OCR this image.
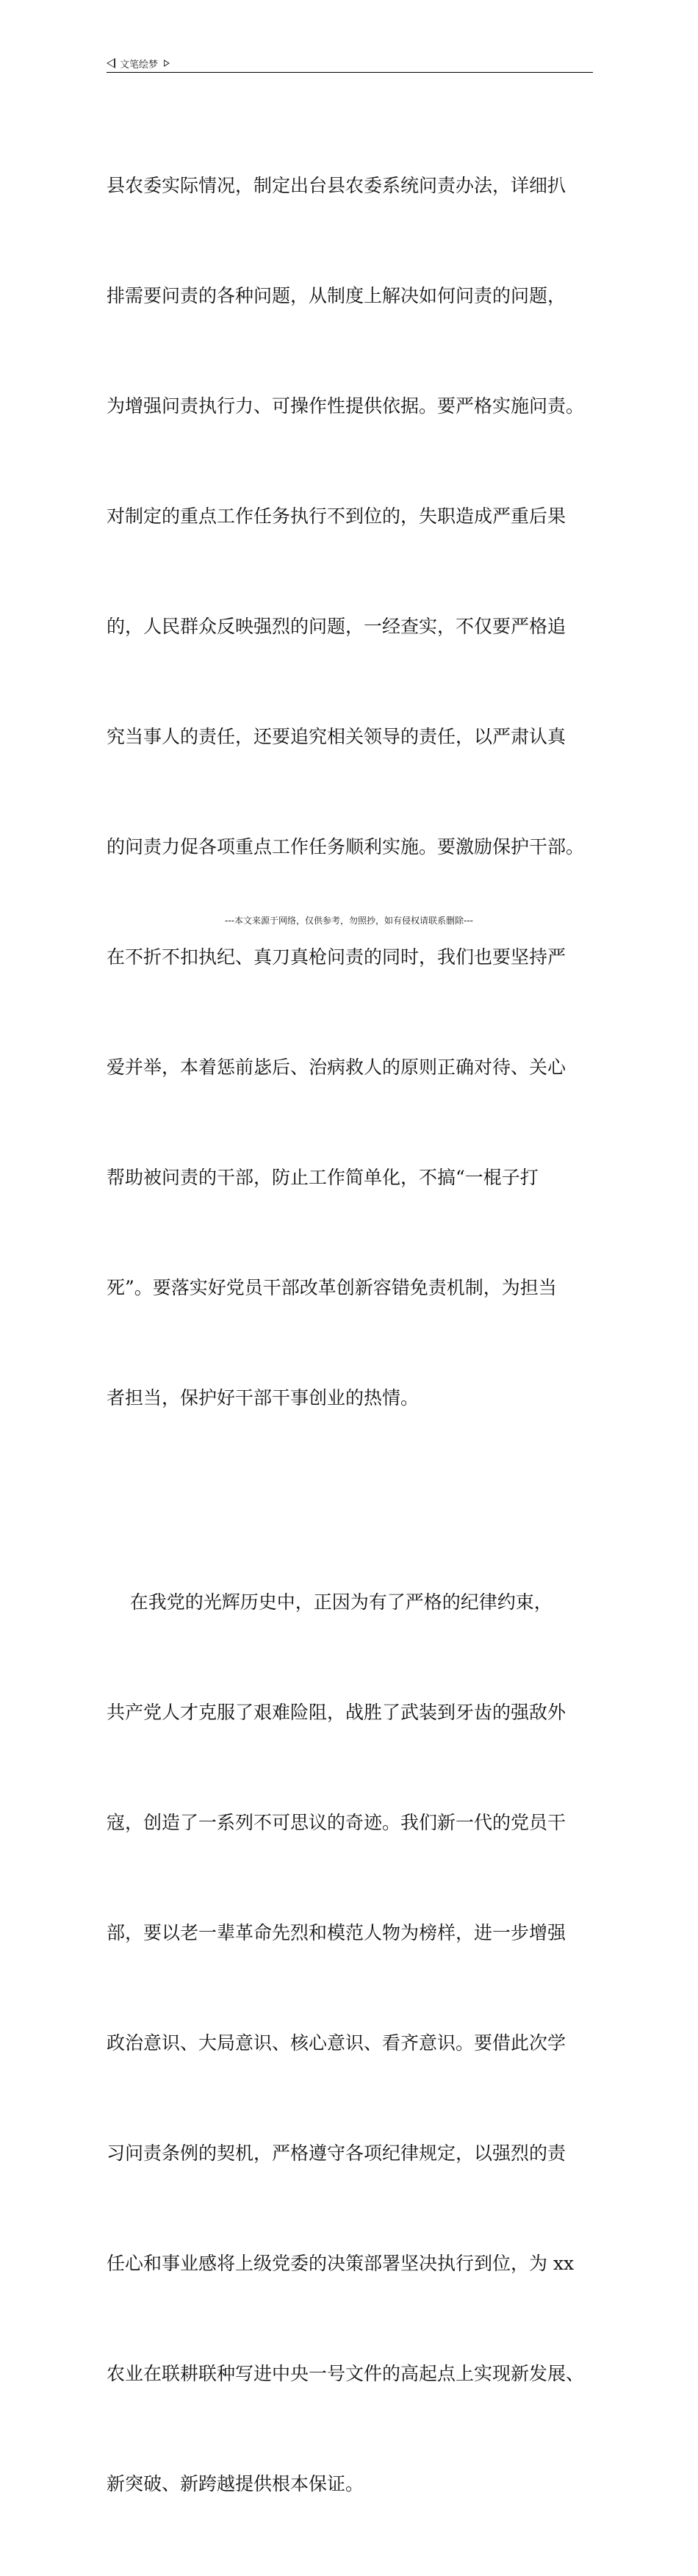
文笔绘梦

县农委实际情况，制定出台县农委系统问责办法，详细扒

排需要问责的各种问题，从制度上解决如何问责的问题，

为增强问责执行力、可操作性提供依据。要严格实施问责。

对制定的重点工作任务执行不到位的，失职造成严重后果

的，人民群众反映强烈的问题，一经查实，不仅要严格追

究当事人的责任，还要追究相关领导的责任，以严肃认真

的问责力促各项重点工作任务顺利实施。要激励保护干部。

在不折不扣执纪、真刀真枪问责的同时，我们也要坚持严

爱并举，本着惩前毖后、治病救人的原则正确对待、关心

帮助被问责的干部，防止工作简单化，不搞“一棍子打

死”。要落实好党员干部改革创新容错免责机制，为担当

者担当，保护好干部干事创业的热情。

在我党的光辉历史中，正因为有了严格的纪律约束，

共产党人才克服了艰难险阻，战胜了武装到牙齿的强敌外

寇，创造了一系列不可思议的奇迹。我们新一代的党员干

部，要以老一辈革命先烈和模范人物为榜样，进一步增强

政治意识、大局意识、核心意识、看齐意识。要借此次学

习问责条例的契机，严格遵守各项纪律规定，以强烈的责

任心和事业感将上级党委的决策部署坚决执行到位，为 xx

农业在联耕联种写进中央一号文件的高起点上实现新发展、

新突破、新跨越提供根本保证。

---本文来源于网络，仅供参考，勿照抄，如有侵权请联系删除---
